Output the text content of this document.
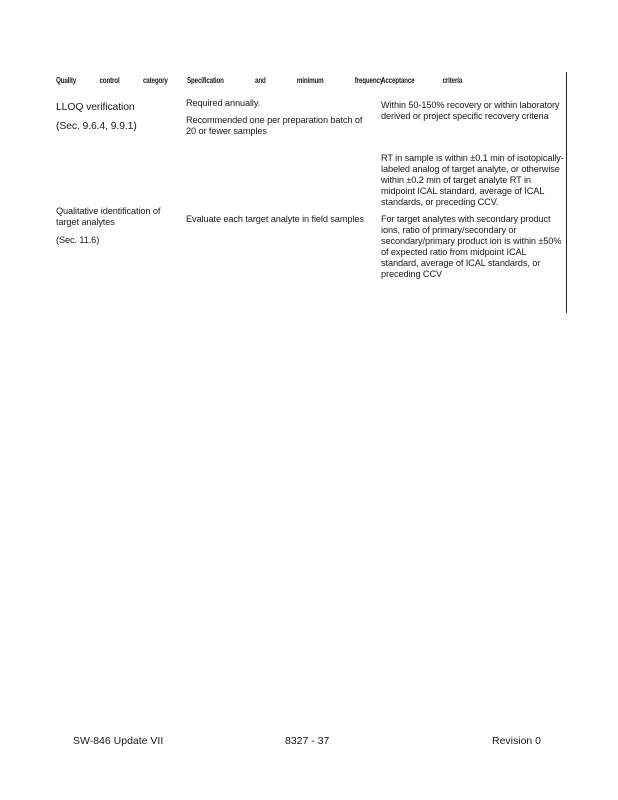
Quality control category Specification and minimum frequency
Acceptance criteria
LLOQ verification
(Sec. 9.6.4, 9.9.1)
Required annually.
Recommended one per preparation batch of 20 or fewer samples
Within 50-150% recovery or within laboratory derived or project specific recovery criteria
Qualitative identification of target analytes
(Sec. 11.6)
Evaluate each target analyte in field samples
RT in sample is within ±0.1 min of isotopically-labeled analog of target analyte, or otherwise within ±0.2 min of target analyte RT in midpoint ICAL standard, average of ICAL standards, or preceding CCV.
For target analytes with secondary product ions, ratio of primary/secondary or secondary/primary product ion is within ±50% of expected ratio from midpoint ICAL standard, average of ICAL standards, or preceding CCV
SW-846 Update VII	8327 - 37	Revision 0
